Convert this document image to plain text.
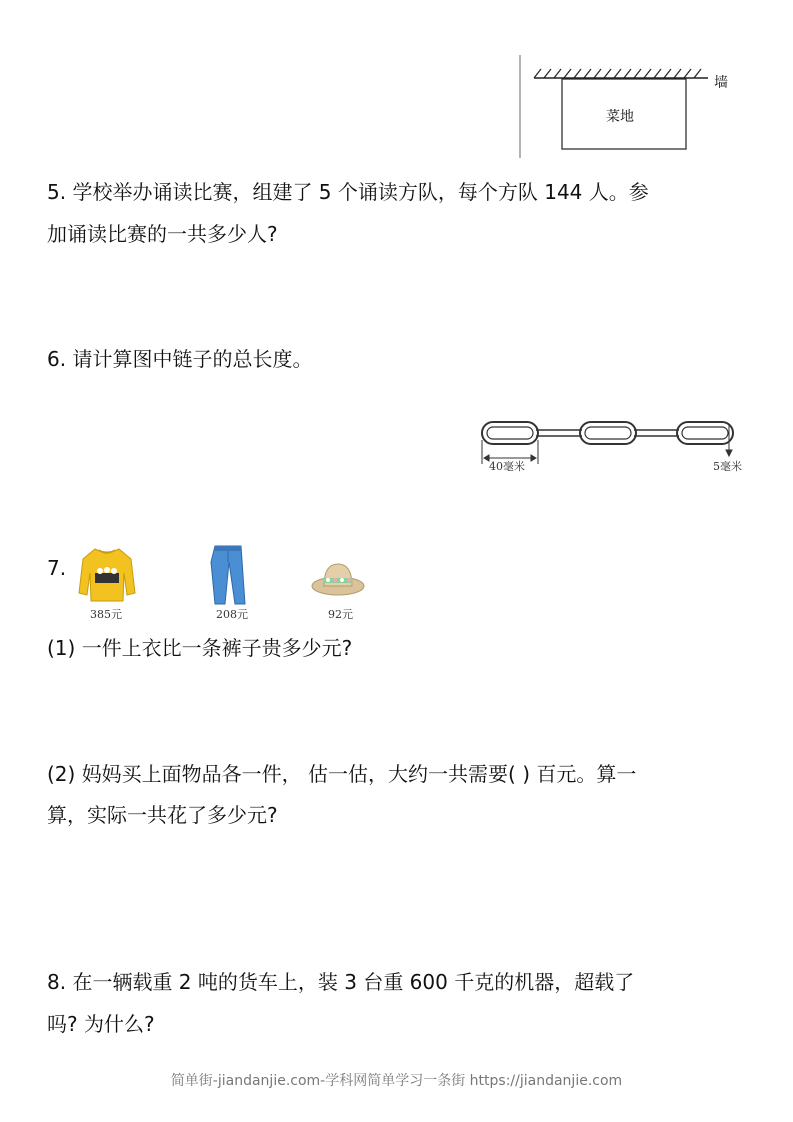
墙
菜地
5. 学校举办诵读比赛，组建了 5 个诵读方队，每个方队 144 人。参
加诵读比赛的一共多少人?
6. 请计算图中链子的总长度。
40毫米	5毫米
7.
385元	208元	92元
(1) 一件上衣比一条裤子贵多少元?
(2) 妈妈买上面物品各一件， 估一估，大约一共需要( ) 百元。算一
算，实际一共花了多少元?
8. 在一辆载重 2 吨的货车上，装 3 台重 600 千克的机器，超载了
吗? 为什么?
简单街-jiandanjie.com-学科网简单学习一条街 https://jiandanjie.com
